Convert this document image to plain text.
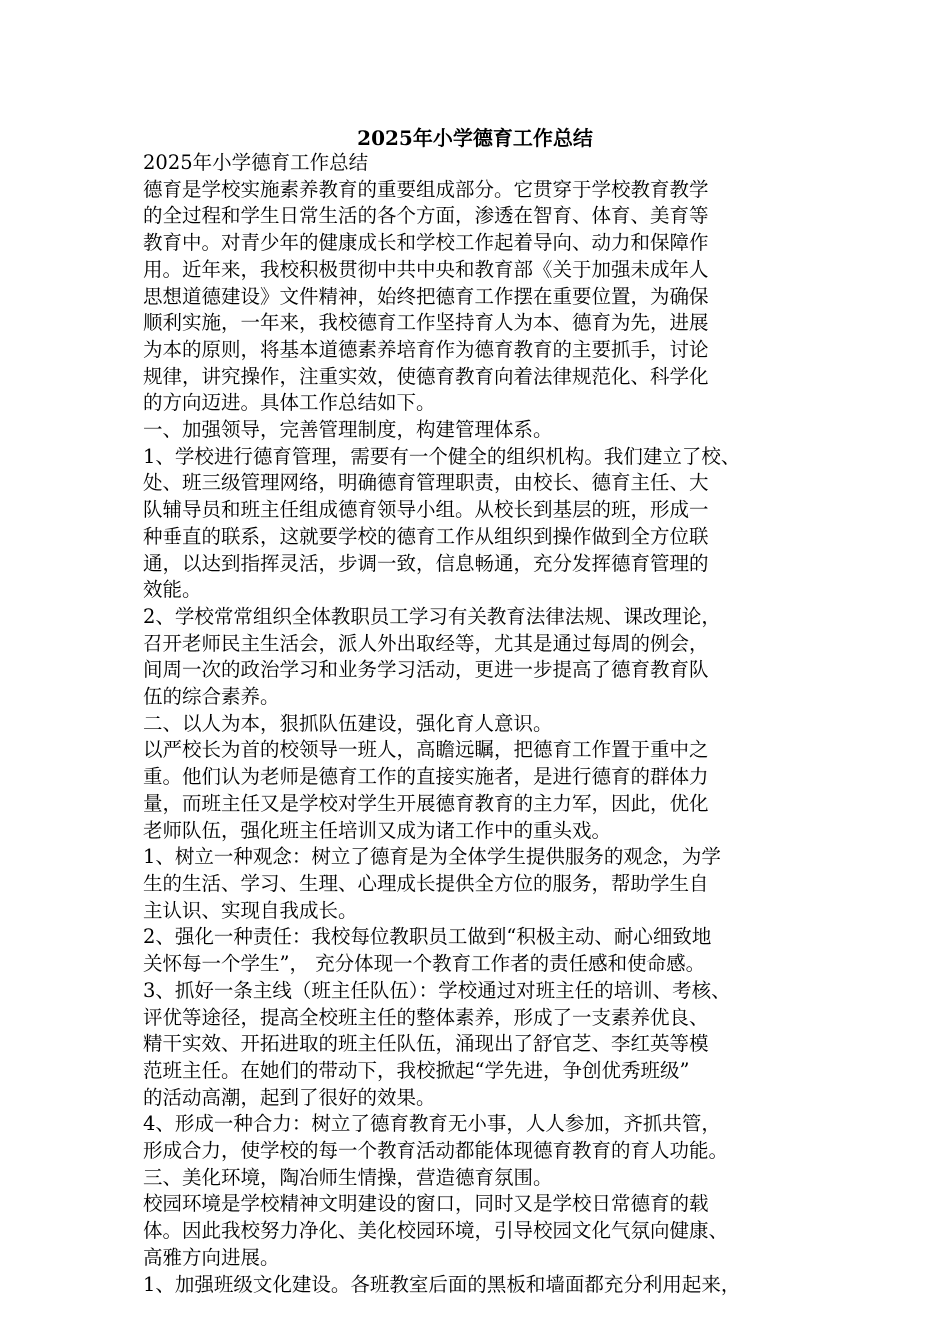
2025年小学德育工作总结

2025年小学德育工作总结

德育是学校实施素养教育的重要组成部分。它贯穿于学校教育教学

的全过程和学生日常生活的各个方面，渗透在智育、体育、美育等

教育中。对青少年的健康成长和学校工作起着导向、动力和保障作

用。近年来，我校积极贯彻中共中央和教育部《关于加强未成年人

思想道德建设》文件精神，始终把德育工作摆在重要位置，为确保

顺利实施，一年来，我校德育工作坚持育人为本、德育为先，进展

为本的原则，将基本道德素养培育作为德育教育的主要抓手，讨论

规律，讲究操作，注重实效，使德育教育向着法律规范化、科学化

的方向迈进。具体工作总结如下。

一、加强领导，完善管理制度，构建管理体系。

1、学校进行德育管理，需要有一个健全的组织机构。我们建立了校、

处、班三级管理网络，明确德育管理职责，由校长、德育主任、大

队辅导员和班主任组成德育领导小组。从校长到基层的班，形成一

种垂直的联系，这就要学校的德育工作从组织到操作做到全方位联

通，以达到指挥灵活，步调一致，信息畅通，充分发挥德育管理的

效能。

2、学校常常组织全体教职员工学习有关教育法律法规、课改理论，

召开老师民主生活会，派人外出取经等，尤其是通过每周的例会，

间周一次的政治学习和业务学习活动，更进一步提高了德育教育队

伍的综合素养。

二、以人为本，狠抓队伍建设，强化育人意识。

以严校长为首的校领导一班人，高瞻远瞩，把德育工作置于重中之

重。他们认为老师是德育工作的直接实施者，是进行德育的群体力

量，而班主任又是学校对学生开展德育教育的主力军，因此，优化

老师队伍，强化班主任培训又成为诸工作中的重头戏。

1、树立一种观念：树立了德育是为全体学生提供服务的观念，为学

生的生活、学习、生理、心理成长提供全方位的服务，帮助学生自

主认识、实现自我成长。

2、强化一种责任：我校每位教职员工做到“积极主动、耐心细致地

关怀每一个学生”， 充分体现一个教育工作者的责任感和使命感。

3、抓好一条主线（班主任队伍）：学校通过对班主任的培训、考核、

评优等途径，提高全校班主任的整体素养，形成了一支素养优良、

精干实效、开拓进取的班主任队伍，涌现出了舒官芝、李红英等模

范班主任。在她们的带动下，我校掀起“学先进，争创优秀班级”

的活动高潮，起到了很好的效果。

4、形成一种合力：树立了德育教育无小事，人人参加，齐抓共管，

形成合力，使学校的每一个教育活动都能体现德育教育的育人功能。

三、美化环境，陶冶师生情操，营造德育氛围。

校园环境是学校精神文明建设的窗口，同时又是学校日常德育的载

体。因此我校努力净化、美化校园环境，引导校园文化气氛向健康、

高雅方向进展。

1、加强班级文化建设。各班教室后面的黑板和墙面都充分利用起来，
